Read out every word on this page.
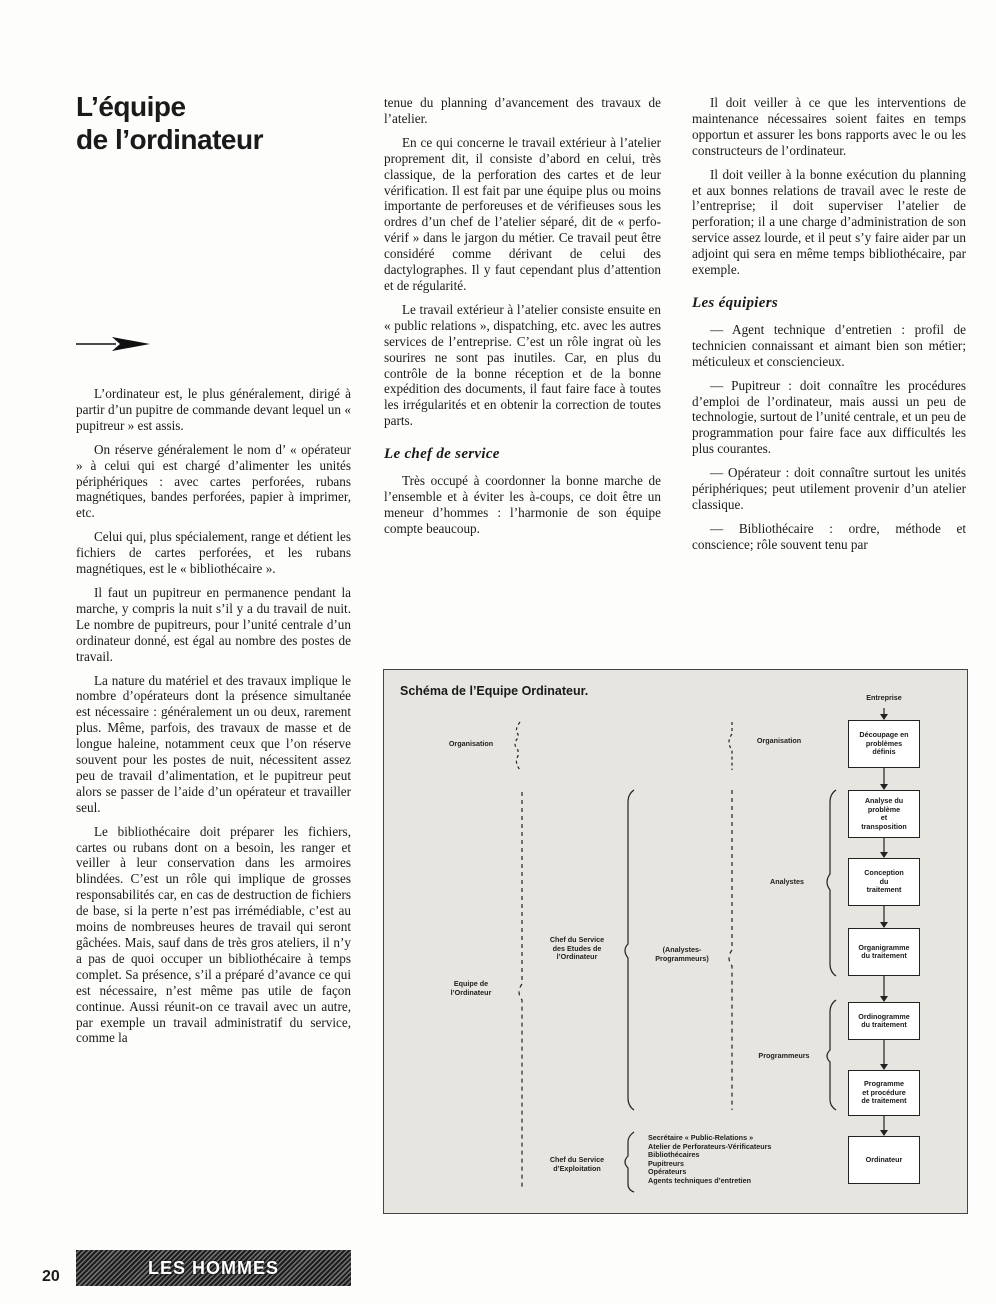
L’équipe
de l’ordinateur

L’ordinateur est, le plus généralement, dirigé à partir d’un pupitre de commande devant lequel un « pupitreur » est assis.

On réserve généralement le nom d’ « opérateur » à celui qui est chargé d’alimenter les unités périphériques : avec cartes perforées, rubans magnétiques, bandes perforées, papier à imprimer, etc.

Celui qui, plus spécialement, range et détient les fichiers de cartes perforées, et les rubans magnétiques, est le « bibliothécaire ».

Il faut un pupitreur en permanence pendant la marche, y compris la nuit s’il y a du travail de nuit. Le nombre de pupitreurs, pour l’unité centrale d’un ordinateur donné, est égal au nombre des postes de travail.

La nature du matériel et des travaux implique le nombre d’opérateurs dont la présence simultanée est nécessaire : généralement un ou deux, rarement plus. Même, parfois, des travaux de masse et de longue haleine, notamment ceux que l’on réserve souvent pour les postes de nuit, nécessitent assez peu de travail d’alimentation, et le pupitreur peut alors se passer de l’aide d’un opérateur et travailler seul.

Le bibliothécaire doit préparer les fichiers, cartes ou rubans dont on a besoin, les ranger et veiller à leur conservation dans les armoires blindées. C’est un rôle qui implique de grosses responsabilités car, en cas de destruction de fichiers de base, si la perte n’est pas irrémédiable, c’est au moins de nombreuses heures de travail qui seront gâchées. Mais, sauf dans de très gros ateliers, il n’y a pas de quoi occuper un bibliothécaire à temps complet. Sa présence, s’il a préparé d’avance ce qui est nécessaire, n’est même pas utile de façon continue. Aussi réunit-on ce travail avec un autre, par exemple un travail administratif du service, comme la

tenue du planning d’avancement des travaux de l’atelier.

En ce qui concerne le travail extérieur à l’atelier proprement dit, il consiste d’abord en celui, très classique, de la perforation des cartes et de leur vérification. Il est fait par une équipe plus ou moins importante de perforeuses et de vérifieuses sous les ordres d’un chef de l’atelier séparé, dit de « perfo-vérif » dans le jargon du métier. Ce travail peut être considéré comme dérivant de celui des dactylographes. Il y faut cependant plus d’attention et de régularité.

Le travail extérieur à l’atelier consiste ensuite en « public relations », dispatching, etc. avec les autres services de l’entreprise. C’est un rôle ingrat où les sourires ne sont pas inutiles. Car, en plus du contrôle de la bonne réception et de la bonne expédition des documents, il faut faire face à toutes les irrégularités et en obtenir la correction de toutes parts.

Le chef de service

Très occupé à coordonner la bonne marche de l’ensemble et à éviter les à-coups, ce doit être un meneur d’hommes : l’harmonie de son équipe compte beaucoup.

Il doit veiller à ce que les interventions de maintenance nécessaires soient faites en temps opportun et assurer les bons rapports avec le ou les constructeurs de l’ordinateur.

Il doit veiller à la bonne exécution du planning et aux bonnes relations de travail avec le reste de l’entreprise; il doit superviser l’atelier de perforation; il a une charge d’administration de son service assez lourde, et il peut s’y faire aider par un adjoint qui sera en même temps bibliothécaire, par exemple.

Les équipiers

— Agent technique d’entretien : profil de technicien connaissant et aimant bien son métier; méticuleux et consciencieux.

— Pupitreur : doit connaître les procédures d’emploi de l’ordinateur, mais aussi un peu de technologie, surtout de l’unité centrale, et un peu de programmation pour faire face aux difficultés les plus courantes.

— Opérateur : doit connaître surtout les unités périphériques; peut utilement provenir d’un atelier classique.

— Bibliothécaire : ordre, méthode et conscience; rôle souvent tenu par

Schéma de l’Equipe Ordinateur.	Entreprise
Organisation	Organisation
Equipe de
l’Ordinateur
Chef du Service
des Etudes de
l’Ordinateur
(Analystes-
Programmeurs)
Analystes
Programmeurs
Chef du Service
d’Exploitation
Secrétaire « Public-Relations »
Atelier de Perforateurs-Vérificateurs
Bibliothécaires
Pupitreurs
Opérateurs
Agents techniques d’entretien
Découpage en
problèmes
définis
Analyse du
problème
et
transposition
Conception
du
traitement
Organigramme
du traitement
Ordinogramme
du traitement
Programme
et procédure
de traitement
Ordinateur
20	LES HOMMES
